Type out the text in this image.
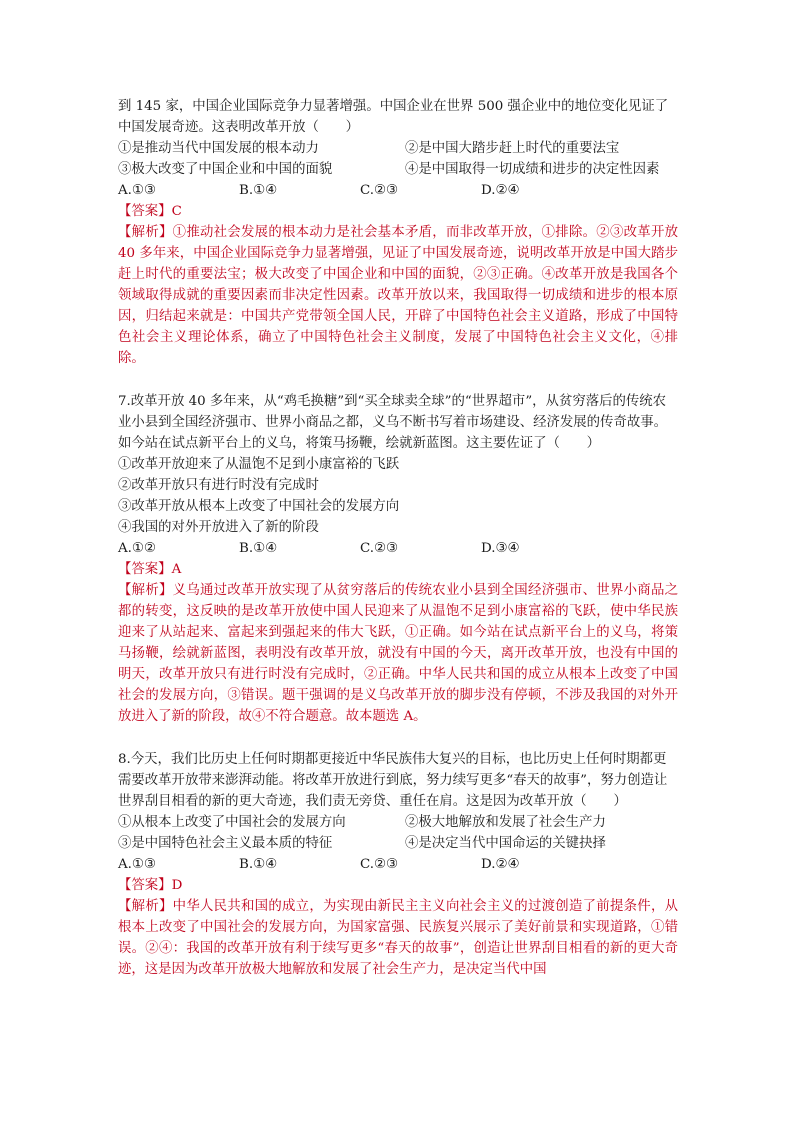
到 145 家，中国企业国际竞争力显著增强。中国企业在世界 500 强企业中的地位变化见证了中国发展奇迹。这表明改革开放（　　）

①是推动当代中国发展的根本动力	②是中国大踏步赶上时代的重要法宝
③极大改变了中国企业和中国的面貌	④是中国取得一切成绩和进步的决定性因素
A.①③	B.①④	C.②③	D.②④

【答案】C

【解析】①推动社会发展的根本动力是社会基本矛盾，而非改革开放，①排除。②③改革开放 40 多年来，中国企业国际竞争力显著增强，见证了中国发展奇迹，说明改革开放是中国大踏步赶上时代的重要法宝；极大改变了中国企业和中国的面貌，②③正确。④改革开放是我国各个领域取得成就的重要因素而非决定性因素。改革开放以来，我国取得一切成绩和进步的根本原因，归结起来就是：中国共产党带领全国人民，开辟了中国特色社会主义道路，形成了中国特色社会主义理论体系，确立了中国特色社会主义制度，发展了中国特色社会主义文化，④排除。

7.改革开放 40 多年来，从“鸡毛换糖”到“买全球卖全球”的“世界超市”，从贫穷落后的传统农业小县到全国经济强市、世界小商品之都，义乌不断书写着市场建设、经济发展的传奇故事。如今站在试点新平台上的义乌，将策马扬鞭，绘就新蓝图。这主要佐证了（　　）

①改革开放迎来了从温饱不足到小康富裕的飞跃

②改革开放只有进行时没有完成时

③改革开放从根本上改变了中国社会的发展方向

④我国的对外开放进入了新的阶段

A.①②	B.①④	C.②③	D.③④

【答案】A

【解析】义乌通过改革开放实现了从贫穷落后的传统农业小县到全国经济强市、世界小商品之都的转变，这反映的是改革开放使中国人民迎来了从温饱不足到小康富裕的飞跃，使中华民族迎来了从站起来、富起来到强起来的伟大飞跃，①正确。如今站在试点新平台上的义乌，将策马扬鞭，绘就新蓝图，表明没有改革开放，就没有中国的今天，离开改革开放，也没有中国的明天，改革开放只有进行时没有完成时，②正确。中华人民共和国的成立从根本上改变了中国社会的发展方向，③错误。题干强调的是义乌改革开放的脚步没有停顿，不涉及我国的对外开放进入了新的阶段，故④不符合题意。故本题选 A。

8.今天，我们比历史上任何时期都更接近中华民族伟大复兴的目标，也比历史上任何时期都更需要改革开放带来澎湃动能。将改革开放进行到底，努力续写更多“春天的故事”，努力创造让世界刮目相看的新的更大奇迹，我们责无旁贷、重任在肩。这是因为改革开放（　　）

①从根本上改变了中国社会的发展方向	②极大地解放和发展了社会生产力
③是中国特色社会主义最本质的特征	④是决定当代中国命运的关键抉择
A.①③	B.①④	C.②③	D.②④

【答案】D

【解析】中华人民共和国的成立，为实现由新民主主义向社会主义的过渡创造了前提条件，从根本上改变了中国社会的发展方向，为国家富强、民族复兴展示了美好前景和实现道路，①错误。②④：我国的改革开放有利于续写更多“春天的故事”，创造让世界刮目相看的新的更大奇迹，这是因为改革开放极大地解放和发展了社会生产力，是决定当代中国
